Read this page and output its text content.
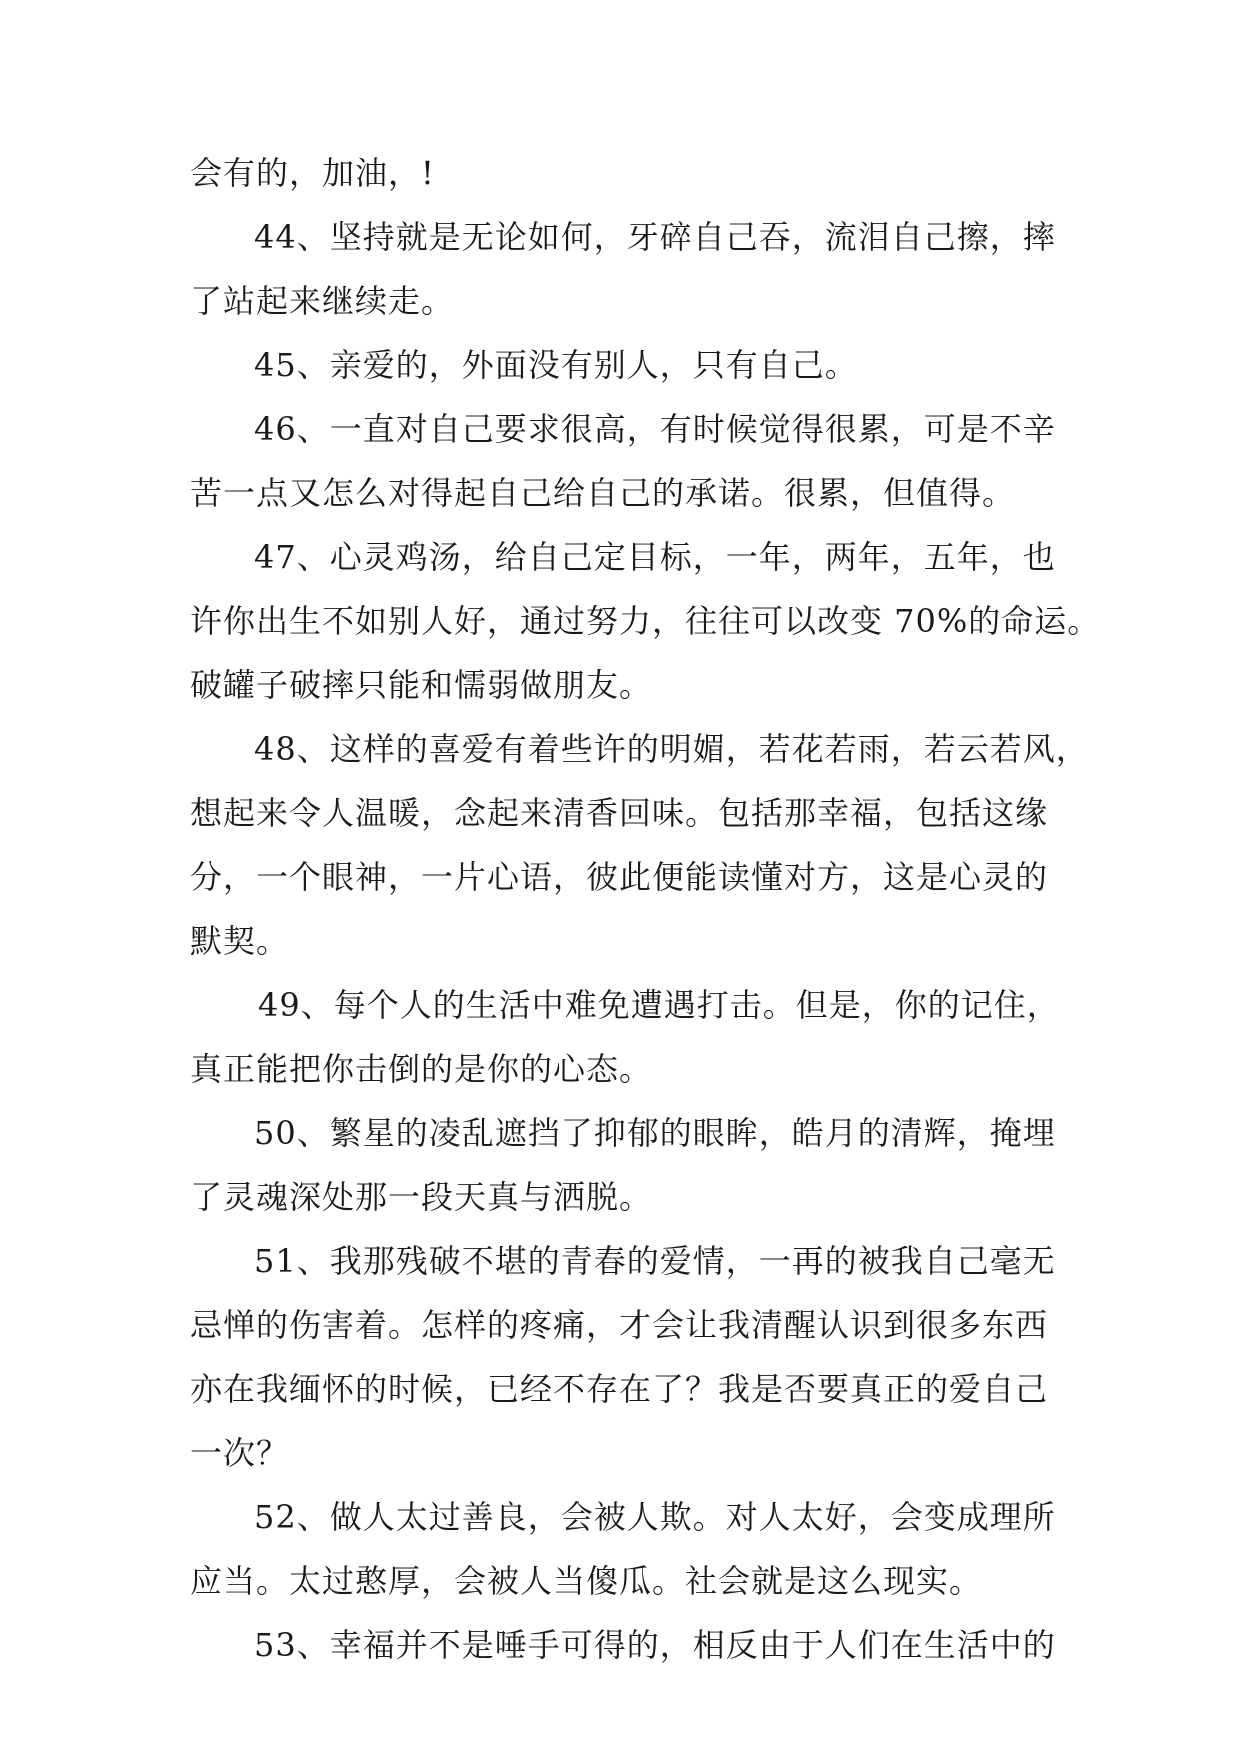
会有的，加油，!
44、坚持就是无论如何，牙碎自己吞，流泪自己擦，摔
了站起来继续走。
45、亲爱的，外面没有别人，只有自己。
46、一直对自己要求很高，有时候觉得很累，可是不辛
苦一点又怎么对得起自己给自己的承诺。很累，但值得。
47、心灵鸡汤，给自己定目标，一年，两年，五年，也
许你出生不如别人好，通过努力，往往可以改变 70%的命运。
破罐子破摔只能和懦弱做朋友。
48、这样的喜爱有着些许的明媚，若花若雨，若云若风，
想起来令人温暖，念起来清香回味。包括那幸福，包括这缘
分，一个眼神，一片心语，彼此便能读懂对方，这是心灵的
默契。
49、每个人的生活中难免遭遇打击。但是，你的记住，
真正能把你击倒的是你的心态。
50、繁星的凌乱遮挡了抑郁的眼眸，皓月的清辉，掩埋
了灵魂深处那一段天真与洒脱。
51、我那残破不堪的青春的爱情，一再的被我自己毫无
忌惮的伤害着。怎样的疼痛，才会让我清醒认识到很多东西
亦在我缅怀的时候，已经不存在了？我是否要真正的爱自己
一次？
52、做人太过善良，会被人欺。对人太好，会变成理所
应当。太过憨厚，会被人当傻瓜。社会就是这么现实。
53、幸福并不是唾手可得的，相反由于人们在生活中的
